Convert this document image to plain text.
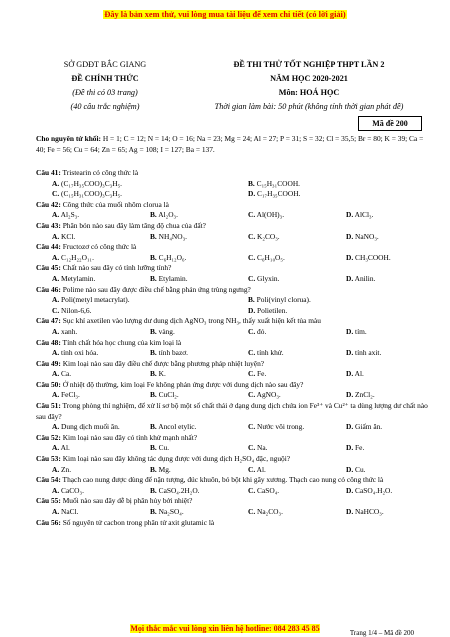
Đây là bản xem thử, vui lòng mua tài liệu để xem chi tiết (có lời giải)
SỞ GDĐT BẮC GIANG
ĐỀ CHÍNH THỨC
(Đề thi có 03 trang)
(40 câu trắc nghiệm)
ĐỀ THI THỬ TỐT NGHIỆP THPT LẦN 2
NĂM HỌC 2020-2021
Môn: HOÁ HỌC
Thời gian làm bài: 50 phút (không tính thời gian phát đề)
Mã đề 200
Cho nguyên tử khối: H = 1; C = 12; N = 14; O = 16; Na = 23; Mg = 24; Al = 27; P = 31; S = 32; Cl = 35,5; Br = 80; K = 39; Ca = 40; Fe = 56; Cu = 64; Zn = 65; Ag = 108; I = 127; Ba = 137.
Câu 41: Tristearin có công thức là
A. (C₁₇H₃₅COO)₃C₃H₅.	B. C₁₅H₃₁COOH.
C. (C₁₅H₃₁COO)₃C₃H₅.	D. C₁₇H₃₅COOH.
Câu 42: Công thức của muối nhôm clorua là
A. Al₂S₃.	B. Al₂O₃.	C. Al(OH)₃.	D. AlCl₃.
Câu 43: Phân bón nào sau đây làm tăng độ chua của đất?
A. KCl.	B. NH₄NO₃.	C. K₂CO₃.	D. NaNO₃.
Câu 44: Fructozơ có công thức là
A. C₁₂H₂₂O₁₁.	B. C₆H₁₂O₆.	C. C₆H₁₀O₅.	D. CH₃COOH.
Câu 45: Chất nào sau đây có tính lưỡng tính?
A. Metylamin.	B. Etylamin.	C. Glyxin.	D. Anilin.
Câu 46: Polime nào sau đây được điều chế bằng phản ứng trùng ngưng?
A. Poli(metyl metacrylat).	B. Poli(vinyl clorua).
C. Nilon-6,6.	D. Polietilen.
Câu 47: Sục khí axetilen vào lượng dư dung dịch AgNO₃ trong NH₃, thấy xuất hiện kết tủa màu
A. xanh.	B. vàng.	C. đỏ.	D. tím.
Câu 48: Tính chất hóa học chung của kim loại là
A. tính oxi hóa.	B. tính bazơ.	C. tính khử.	D. tính axit.
Câu 49: Kim loại nào sau đây điều chế được bằng phương pháp nhiệt luyện?
A. Ca.	B. K.	C. Fe.	D. Al.
Câu 50: Ở nhiệt độ thường, kim loại Fe không phản ứng được với dung dịch nào sau đây?
A. FeCl₃.	B. CuCl₂.	C. AgNO₃.	D. ZnCl₂.
Câu 51: Trong phòng thí nghiệm, để xử lí sơ bộ một số chất thải ở dạng dung dịch chứa ion Fe³⁺ và Cu²⁺ ta dùng lượng dư chất nào sau đây?
A. Dung dịch muối ăn.	B. Ancol etylic.	C. Nước vôi trong.	D. Giấm ăn.
Câu 52: Kim loại nào sau đây có tính khử mạnh nhất?
A. Al.	B. Cu.	C. Na.	D. Fe.
Câu 53: Kim loại nào sau đây không tác dụng được với dung dịch H₂SO₄ đặc, nguội?
A. Zn.	B. Mg.	C. Al.	D. Cu.
Câu 54: Thạch cao nung được dùng để nặn tượng, đúc khuôn, bó bột khi gãy xương. Thạch cao nung có công thức là
A. CaCO₃.	B. CaSO₄.2H₂O.	C. CaSO₄.	D. CaSO₄.H₂O.
Câu 55: Muối nào sau đây dễ bị phân hủy bởi nhiệt?
A. NaCl.	B. Na₂SO₄.	C. Na₂CO₃.	D. NaHCO₃.
Câu 56: Số nguyên tử cacbon trong phân tử axit glutamic là
Mọi thắc mắc vui lòng xin liên hệ hotline: 084 283 45 85	Trang 1/4 – Mã đề 200
